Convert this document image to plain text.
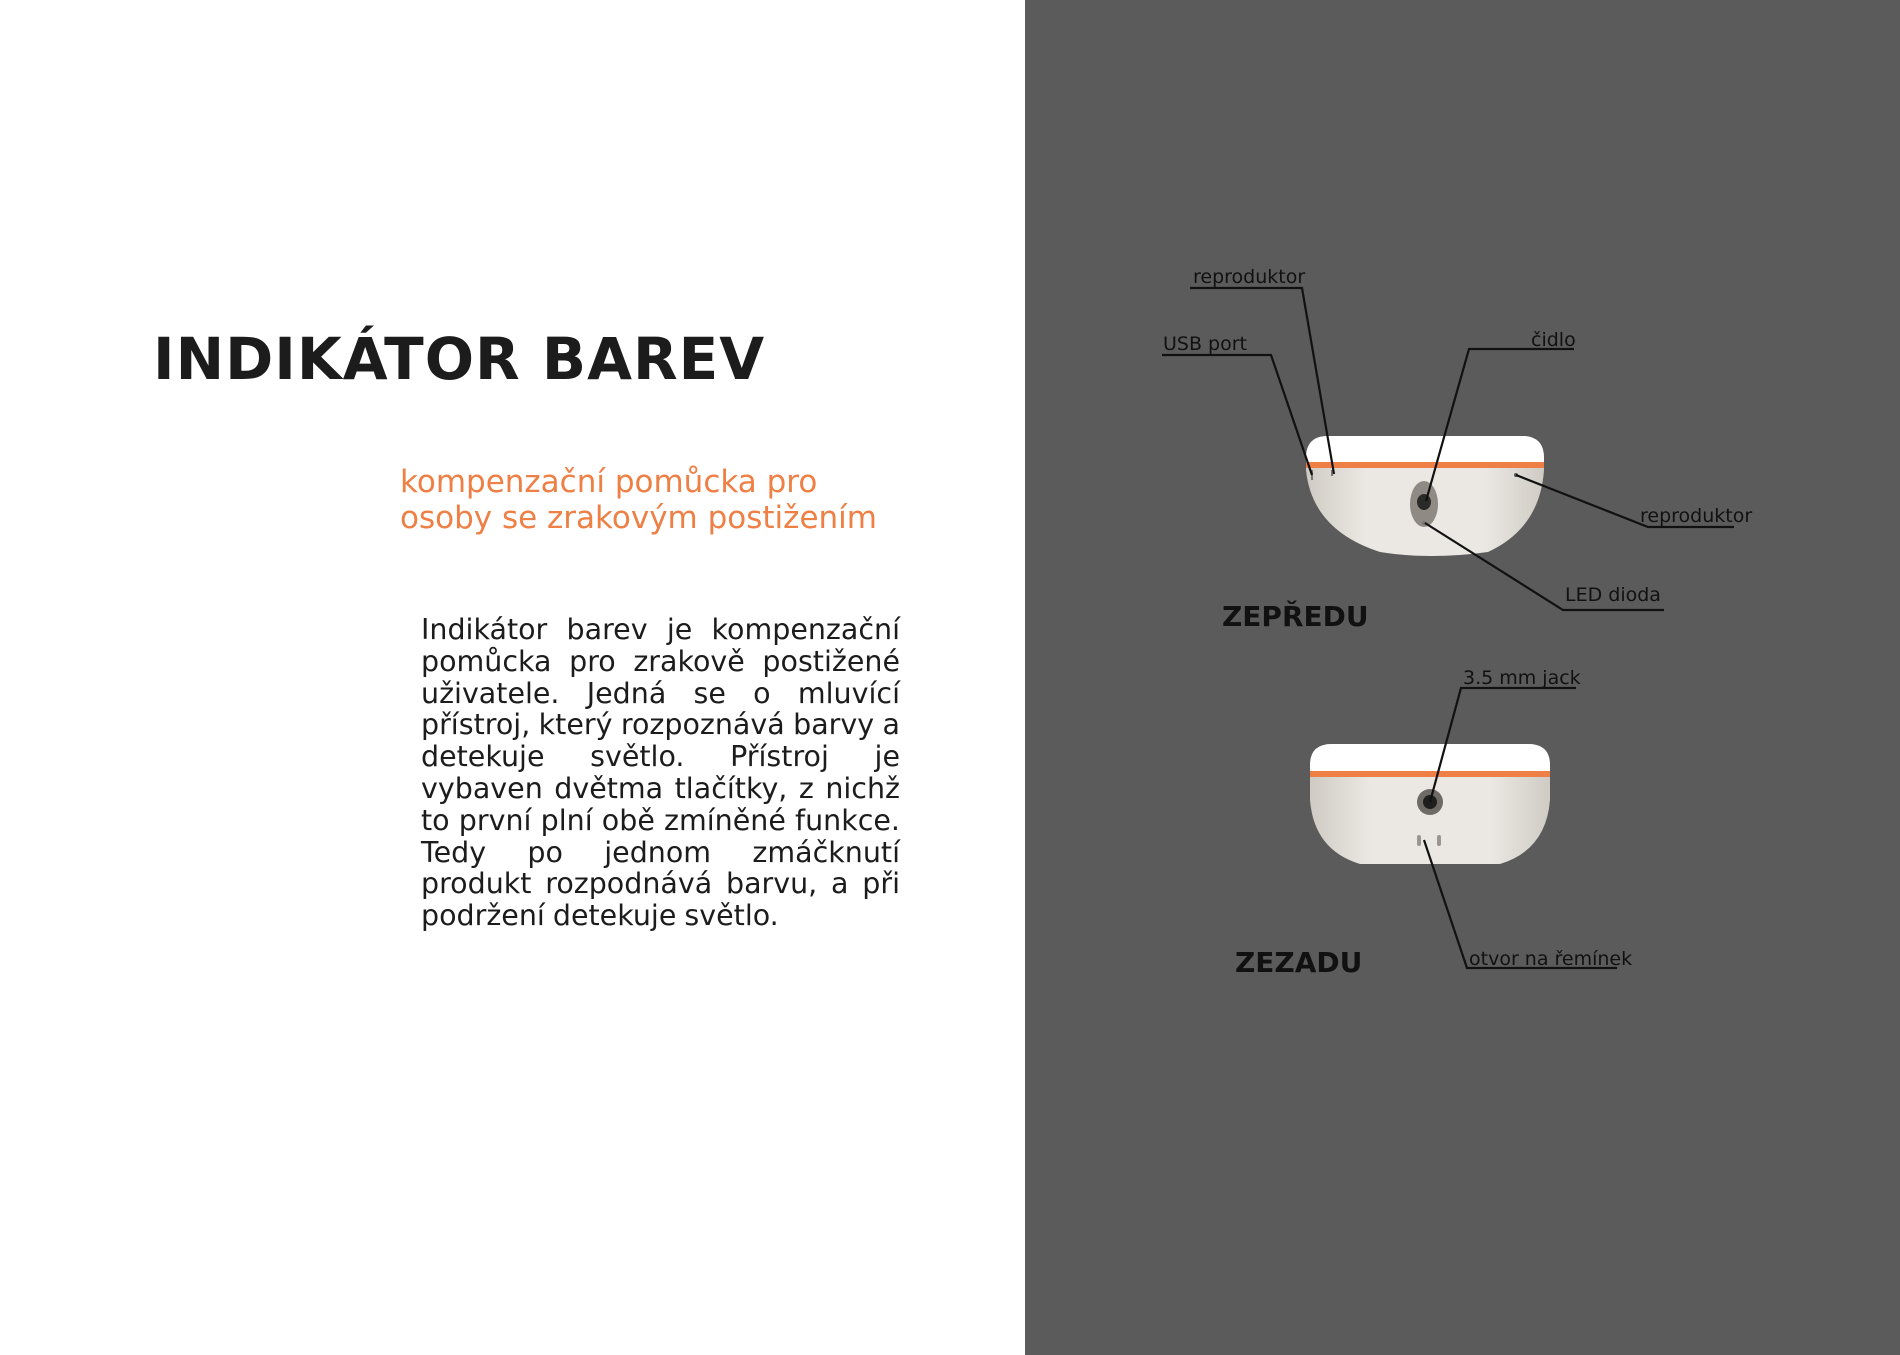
INDIKÁTOR BAREV
kompenzační pomůcka pro
osoby se zrakovým postižením
Indikátor barev je kompenzační pomůcka pro zrakově postižené uživatele. Jedná se o mluvící přístroj, který rozpoznává barvy a detekuje světlo. Přístroj je vybaven dvětma tlačítky, z nichž to první plní obě zmíněné funkce. Tedy po jednom zmáčknutí produkt rozpodnává barvu, a při podržení detekuje světlo.
reproduktor
USB port	čidlo
reproduktor
LED dioda
3.5 mm jack
otvor na řemínek
ZEPŘEDU
ZEZADU
